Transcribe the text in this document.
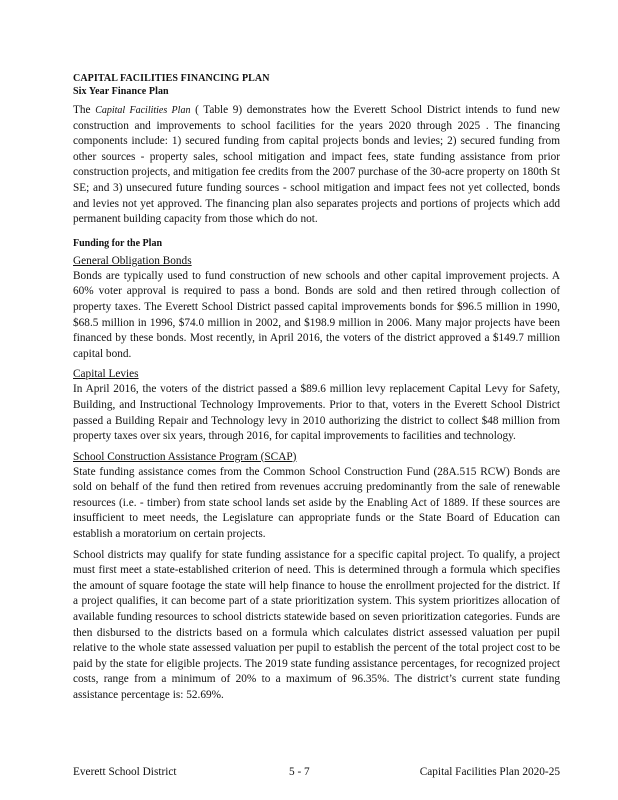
CAPITAL FACILITIES FINANCING PLAN
Six Year Finance Plan

The Capital Facilities Plan ( Table 9) demonstrates how the Everett School District intends to fund new construction and improvements to school facilities for the years 2020 through 2025 . The financing components include: 1) secured funding from capital projects bonds and levies; 2) secured funding from other sources - property sales, school mitigation and impact fees, state funding assistance from prior construction projects, and mitigation fee credits from the 2007 purchase of the 30-acre property on 180th St SE; and 3) unsecured future funding sources - school mitigation and impact fees not yet collected, bonds and levies not yet approved. The financing plan also separates projects and portions of projects which add permanent building capacity from those which do not.

Funding for the Plan

General Obligation Bonds

Bonds are typically used to fund construction of new schools and other capital improvement projects. A 60% voter approval is required to pass a bond. Bonds are sold and then retired through collection of property taxes. The Everett School District passed capital improvements bonds for $96.5 million in 1990, $68.5 million in 1996, $74.0 million in 2002, and $198.9 million in 2006. Many major projects have been financed by these bonds. Most recently, in April 2016, the voters of the district approved a $149.7 million capital bond.

Capital Levies

In April 2016, the voters of the district passed a $89.6 million levy replacement Capital Levy for Safety, Building, and Instructional Technology Improvements. Prior to that, voters in the Everett School District passed a Building Repair and Technology levy in 2010 authorizing the district to collect $48 million from property taxes over six years, through 2016, for capital improvements to facilities and technology.

School Construction Assistance Program (SCAP)

State funding assistance comes from the Common School Construction Fund (28A.515 RCW) Bonds are sold on behalf of the fund then retired from revenues accruing predominantly from the sale of renewable resources (i.e. - timber) from state school lands set aside by the Enabling Act of 1889. If these sources are insufficient to meet needs, the Legislature can appropriate funds or the State Board of Education can establish a moratorium on certain projects.

School districts may qualify for state funding assistance for a specific capital project. To qualify, a project must first meet a state-established criterion of need. This is determined through a formula which specifies the amount of square footage the state will help finance to house the enrollment projected for the district. If a project qualifies, it can become part of a state prioritization system. This system prioritizes allocation of available funding resources to school districts statewide based on seven prioritization categories. Funds are then disbursed to the districts based on a formula which calculates district assessed valuation per pupil relative to the whole state assessed valuation per pupil to establish the percent of the total project cost to be paid by the state for eligible projects. The 2019 state funding assistance percentages, for recognized project costs, range from a minimum of 20% to a maximum of 96.35%. The district’s current state funding assistance percentage is: 52.69%.

Everett School District	5 - 7	Capital Facilities Plan 2020-25
